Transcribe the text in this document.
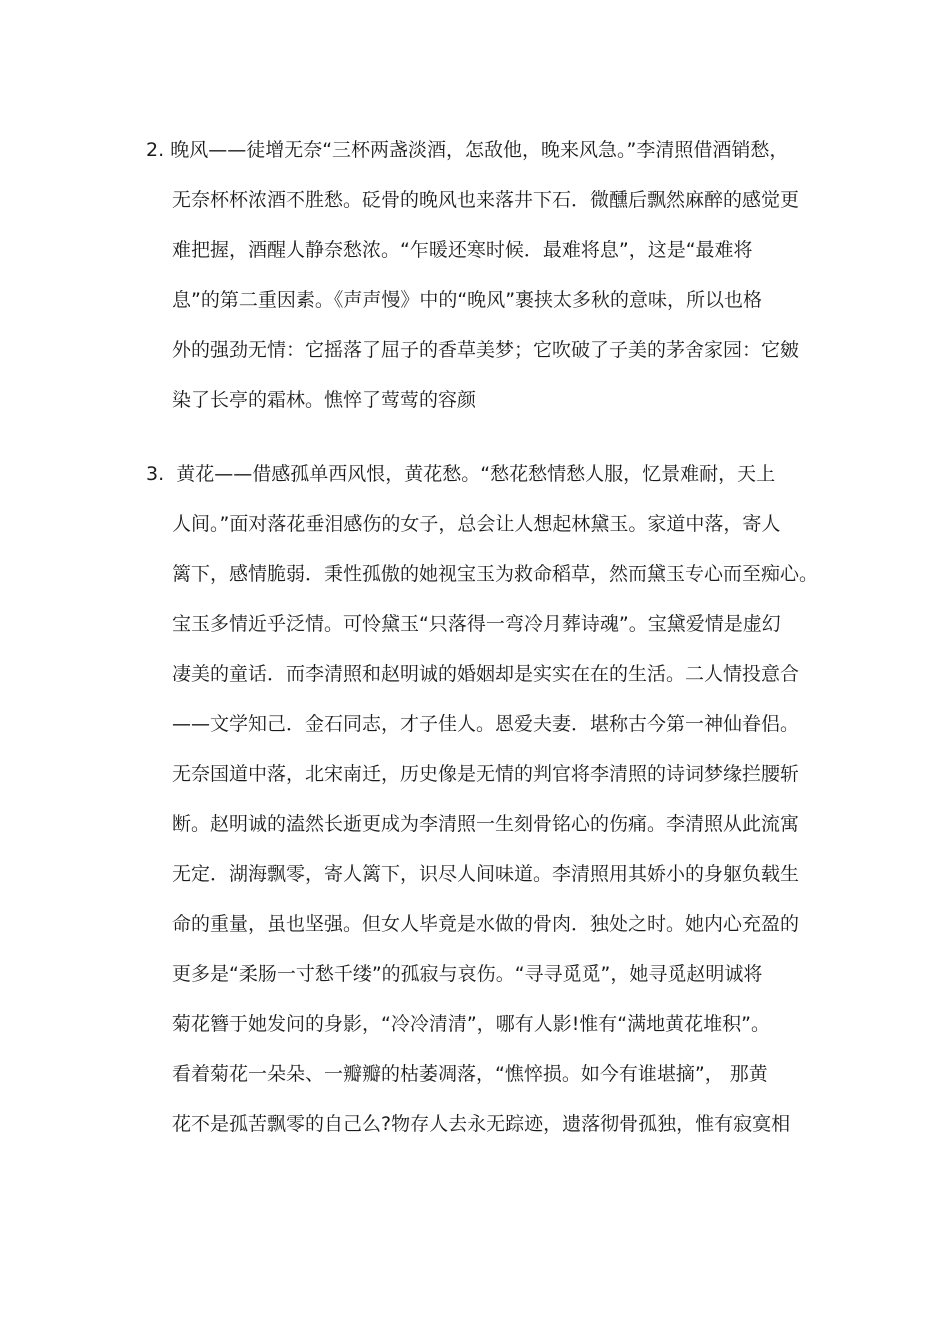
2. 晚风——徒增无奈“三杯两盏淡酒，怎敌他，晚来风急。”李清照借酒销愁，
无奈杯杯浓酒不胜愁。砭骨的晚风也来落井下石．微醺后飘然麻醉的感觉更
难把握，酒醒人静奈愁浓。“乍暖还寒时候．最难将息”，这是“最难将
息”的第二重因素。《声声慢》中的“晚风”裹挟太多秋的意味，所以也格
外的强劲无情：它摇落了屈子的香草美梦；它吹破了子美的茅舍家园：它皴
染了长亭的霜林。憔悴了莺莺的容颜
3. 黄花——借感孤单西风恨，黄花愁。“愁花愁情愁人服，忆景难耐，天上
人间。”面对落花垂泪感伤的女子，总会让人想起林黛玉。家道中落，寄人
篱下，感情脆弱．秉性孤傲的她视宝玉为救命稻草，然而黛玉专心而至痴心。
宝玉多情近乎泛情。可怜黛玉“只落得一弯冷月葬诗魂”。宝黛爱情是虚幻
凄美的童话．而李清照和赵明诚的婚姻却是实实在在的生活。二人情投意合
——文学知己．金石同志，才子佳人。恩爱夫妻．堪称古今第一神仙眷侣。
无奈国道中落，北宋南迁，历史像是无情的判官将李清照的诗词梦缘拦腰斩
断。赵明诚的溘然长逝更成为李清照一生刻骨铭心的伤痛。李清照从此流寓
无定．湖海飘零，寄人篱下，识尽人间味道。李清照用其娇小的身躯负载生
命的重量，虽也坚强。但女人毕竟是水做的骨肉．独处之时。她内心充盈的
更多是“柔肠一寸愁千缕”的孤寂与哀伤。“寻寻觅觅”，她寻觅赵明诚将
菊花簪于她发问的身影，“冷冷清清”，哪有人影!惟有“满地黄花堆积”。
看着菊花一朵朵、一瓣瓣的枯萎凋落，“憔悴损。如今有谁堪摘”， 那黄
花不是孤苦飘零的自己么?物存人去永无踪迹，遗落彻骨孤独，惟有寂寞相
